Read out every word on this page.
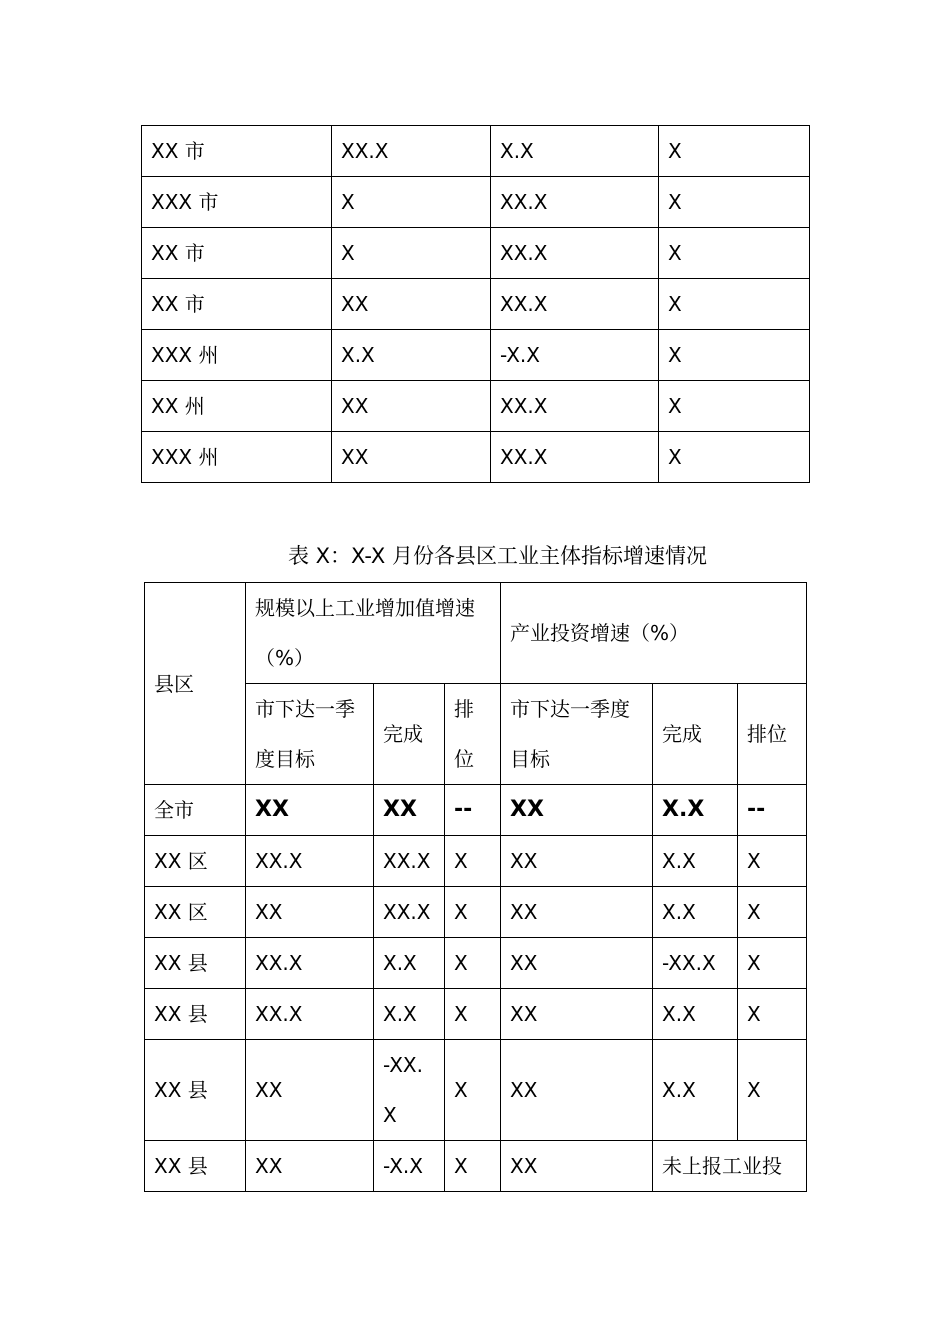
XX 市	XX.X	X.X	X
XXX 市	X	XX.X	X
XX 市	X	XX.X	X
XX 市	XX	XX.X	X
XXX 州	X.X	-X.X	X
XX 州	XX	XX.X	X
XXX 州	XX	XX.X	X
表 X：X-X 月份各县区工业主体指标增速情况
县区	规模以上工业增加值增速（%）			产业投资增速（%）		
	市下达一季度目标	完成	排位	市下达一季度目标	完成	排位
全市	XX	XX	--	XX	X.X	--
XX 区	XX.X	XX.X	X	XX	X.X	X
XX 区	XX	XX.X	X	XX	X.X	X
XX 县	XX.X	X.X	X	XX	-XX.X	X
XX 县	XX.X	X.X	X	XX	X.X	X
XX 县	XX	-XX.X	X	XX	X.X	X
XX 县	XX	-X.X	X	XX	未上报工业投	
